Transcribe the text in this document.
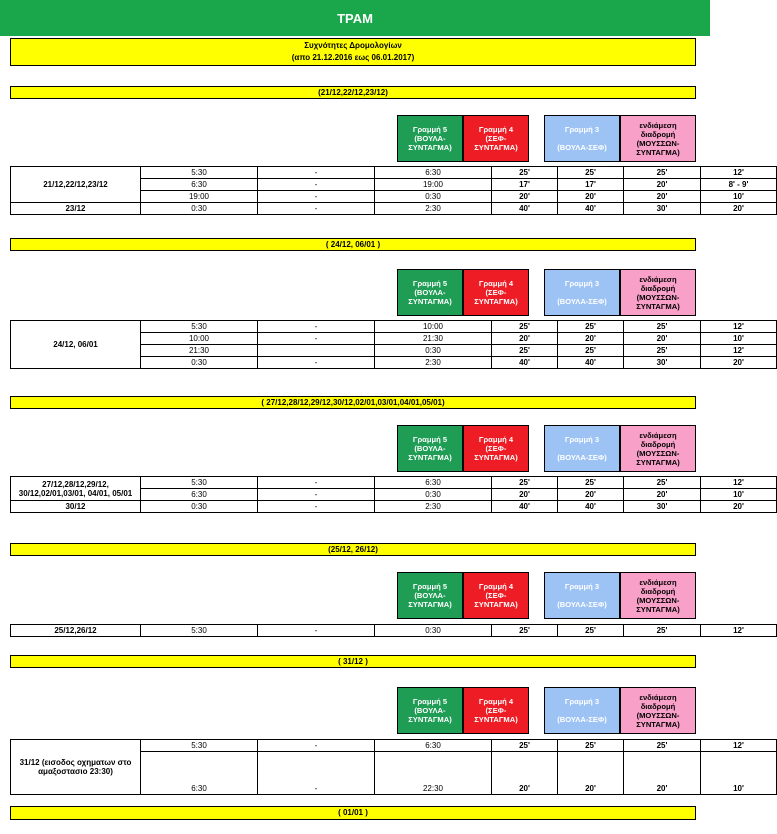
ΤΡΑΜ
Συχνότητες Δρομολογίων
(απο 21.12.2016 εως 06.01.2017)
(21/12,22/12,23/12)
Γραμμή 5
(ΒΟΥΛΑ-
ΣΥΝΤΑΓΜΑ)
Γραμμή 4
(ΣΕΦ-
ΣΥΝΤΑΓΜΑ)
Γραμμή 3

(ΒΟΥΛΑ-ΣΕΦ)
ενδιάμεση
διαδρομή
(ΜΟΥΣΣΩΝ-
ΣΥΝΤΑΓΜΑ)
21/12,22/12,23/12	5:30	-	6:30	25'	25'	25'	12'
	6:30	-	19:00	17'	17'	20'	8' - 9'
	19:00	-	0:30	20'	20'	20'	10'
23/12	0:30	-	2:30	40'	40'	30'	20'
( 24/12, 06/01 )
Γραμμή 5
(ΒΟΥΛΑ-
ΣΥΝΤΑΓΜΑ)
Γραμμή 4
(ΣΕΦ-
ΣΥΝΤΑΓΜΑ)
Γραμμή 3

(ΒΟΥΛΑ-ΣΕΦ)
ενδιάμεση
διαδρομή
(ΜΟΥΣΣΩΝ-
ΣΥΝΤΑΓΜΑ)
24/12, 06/01	5:30	-	10:00	25'	25'	25'	12'
	10:00	-	21:30	20'	20'	20'	10'
	21:30		0:30	25'	25'	25'	12'
	0:30	-	2:30	40'	40'	30'	20'
( 27/12,28/12,29/12,30/12,02/01,03/01,04/01,05/01)
Γραμμή 5
(ΒΟΥΛΑ-
ΣΥΝΤΑΓΜΑ)
Γραμμή 4
(ΣΕΦ-
ΣΥΝΤΑΓΜΑ)
Γραμμή 3

(ΒΟΥΛΑ-ΣΕΦ)
ενδιάμεση
διαδρομή
(ΜΟΥΣΣΩΝ-
ΣΥΝΤΑΓΜΑ)
27/12,28/12,29/12, 30/12,02/01,03/01, 04/01, 05/01	5:30	-	6:30	25'	25'	25'	12'
	6:30	-	0:30	20'	20'	20'	10'
30/12	0:30	-	2:30	40'	40'	30'	20'
(25/12, 26/12)
Γραμμή 5
(ΒΟΥΛΑ-
ΣΥΝΤΑΓΜΑ)
Γραμμή 4
(ΣΕΦ-
ΣΥΝΤΑΓΜΑ)
Γραμμή 3

(ΒΟΥΛΑ-ΣΕΦ)
ενδιάμεση
διαδρομή
(ΜΟΥΣΣΩΝ-
ΣΥΝΤΑΓΜΑ)
25/12,26/12	5:30	-	0:30	25'	25'	25'	12'
( 31/12 )
Γραμμή 5
(ΒΟΥΛΑ-
ΣΥΝΤΑΓΜΑ)
Γραμμή 4
(ΣΕΦ-
ΣΥΝΤΑΓΜΑ)
Γραμμή 3

(ΒΟΥΛΑ-ΣΕΦ)
ενδιάμεση
διαδρομή
(ΜΟΥΣΣΩΝ-
ΣΥΝΤΑΓΜΑ)
31/12 (εισοδος οχηματων στο αμαξοστασιο 23:30)	5:30	-	6:30	25'	25'	25'	12'
	6:30	-	22:30	20'	20'	20'	10'
( 01/01 )
